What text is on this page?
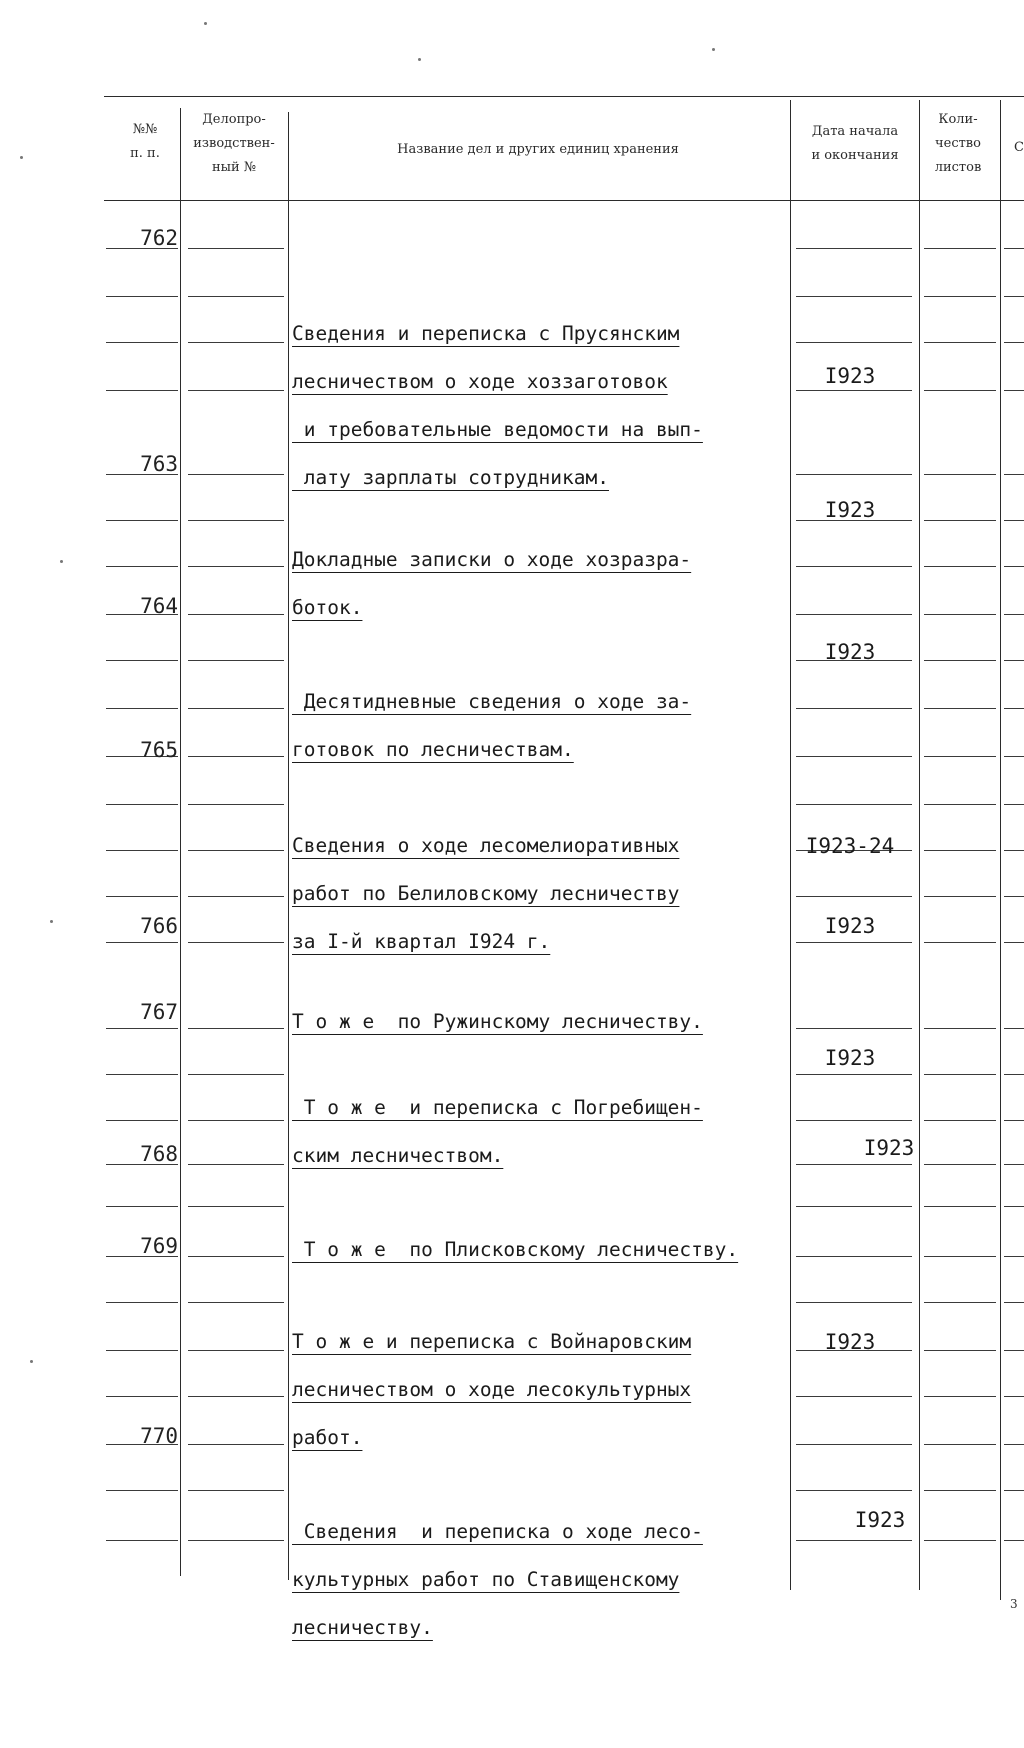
№№
п. п.
Делопро-
изводствен-
ный №
Название дел и других единиц хранения
Дата начала
и окончания
Коли-
чество
листов
С
762

Сведения и переписка с Прусянским
лесничеством о ходе хоззаготовок
и требовательные ведомости на вып-
лату зарплаты сотрудникам.

I923
763

Докладные записки о ходе хозразра-
боток.

I923
764

Десятидневные сведения о ходе за-
готовок по лесничествам.

I923
765

Сведения о ходе лесомелиоративных
работ по Белиловскому лесничеству
за I-й квартал I924 г.

I923-24
766

Т о ж е  по Ружинскому лесничеству.

I923
767

Т о ж е  и переписка с Погребищен-
ским лесничеством.

I923
768

Т о ж е  по Плисковскому лесничеству.

I923
769

Т о ж е и переписка с Войнаровским
лесничеством о ходе лесокультурных
работ.

I923
770

Сведения  и переписка о ходе лесо-
культурных работ по Ставищенскому
лесничеству.

I923
3
